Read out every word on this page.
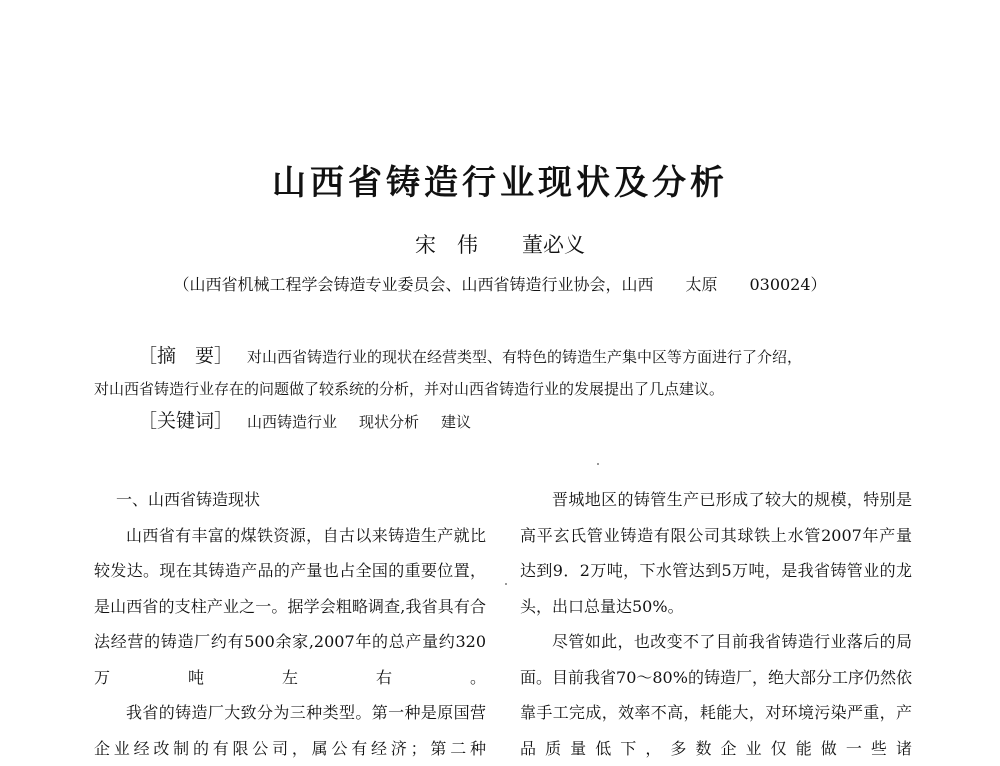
山西省铸造行业现状及分析
宋　伟 董必义
（山西省机械工程学会铸造专业委员会、山西省铸造行业协会，山西　　太原　　030024）
［摘　要］ 对山西省铸造行业的现状在经营类型、有特色的铸造生产集中区等方面进行了介绍，
对山西省铸造行业存在的问题做了较系统的分析，并对山西省铸造行业的发展提出了几点建议。
［关键词］ 山西铸造行业 现状分析 建议
一、山西省铸造现状

山西省有丰富的煤铁资源，自古以来铸造生产就比较发达。现在其铸造产品的产量也占全国的重要位置，是山西省的支柱产业之一。据学会粗略调查,我省具有合法经营的铸造厂约有500余家,2007年的总产量约320万吨左右。

我省的铸造厂大致分为三种类型。第一种是原国营企业经改制的有限公司，属公有经济；第二种

晋城地区的铸管生产已形成了较大的规模，特别是高平玄氏管业铸造有限公司其球铁上水管2007年产量达到9．2万吨，下水管达到5万吨，是我省铸管业的龙头，出口总量达50%。

尽管如此，也改变不了目前我省铸造行业落后的局面。目前我省70～80%的铸造厂，绝大部分工序仍然依靠手工完成，效率不高，耗能大，对环境污染严重，产品质量低下，多数企业仅能做一些诸
